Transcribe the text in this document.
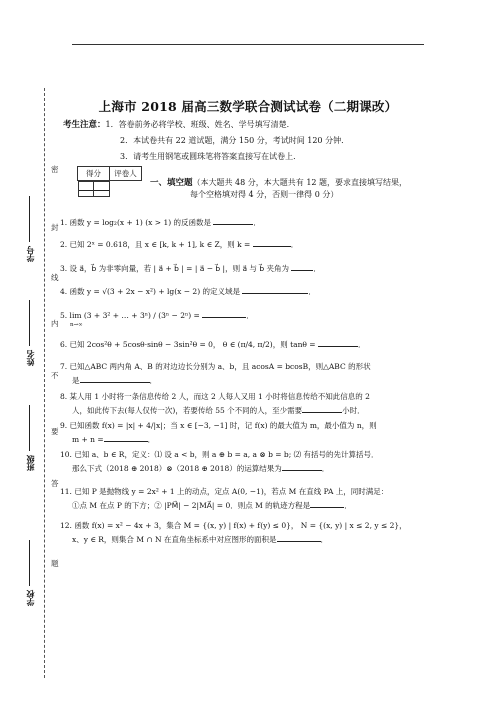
上海市 2018 届高三数学联合测试试卷（二期课改）
学号
姓名
班级
学校
密
封
线
内
不
要
答
题
考生注意：1．答卷前务必将学校、班级、姓名、学号填写清楚．
2．本试卷共有 22 道试题，满分 150 分，考试时间 120 分钟．
3．请考生用钢笔或圆珠笔将答案直接写在试卷上．
得分	评卷人

一、填空题（本大题共 48 分，本大题共有 12 题，要求直接填写结果，
每个空格填对得 4 分，否则一律得 0 分）
1. 函数 y = log₂(x + 1) (x > 1) 的反函数是	．
2. 已知 2ˣ = 0.618，且 x ∈ [k, k + 1], k ∈ Z，则 k =	．
3. 设 a⃗，b⃗ 为非零向量，若 | a⃗ + b⃗ | = | a⃗ − b⃗ |，则 a⃗ 与 b⃗ 夹角为	．
4. 函数 y = √(3 + 2x − x²) + lg(x − 2) 的定义域是	．
5. lim (3 + 3² + … + 3ⁿ) / (3ⁿ − 2ⁿ) =	．
n→∞
6. 已知 2cos²θ + 5cosθ·sinθ − 3sin²θ = 0， θ ∈ (π/4, π/2)，则 tanθ =	．
7. 已知△ABC 两内角 A、B 的对边边长分别为 a、b，且 acosA = bcosB，则△ABC 的形状
是	．
8. 某人用 1 小时将一条信息传给 2 人，而这 2 人每人又用 1 小时将信息传给不知此信息的 2
人，如此传下去(每人仅传一次)，若要传给 55 个不同的人，至少需要	小时．
9. 已知函数 f(x) = |x| + 4/|x|；当 x ∈ [−3, −1] 时，记 f(x) 的最大值为 m，最小值为 n，则
m + n =	．
10. 已知 a、b ∈ R，定义：⑴ 设 a < b，则 a ⊕ b = a, a ⊗ b = b; ⑵ 有括号的先计算括号．
那么下式（2018 ⊕ 2018）⊗（2018 ⊕ 2018）的运算结果为	．
11. 已知 P 是抛物线 y = 2x² + 1 上的动点，定点 A(0, −1)，若点 M 在直线 PA 上，同时满足：
①点 M 在点 P 的下方；② |PM⃗| − 2|MA⃗| = 0．则点 M 的轨迹方程是	．
12. 函数 f(x) = x² − 4x + 3，集合 M = {(x, y) | f(x) + f(y) ≤ 0}， N = {(x, y) | x ≤ 2, y ≤ 2}，
x、y ∈ R，则集合 M ∩ N 在直角坐标系中对应图形的面积是	．
